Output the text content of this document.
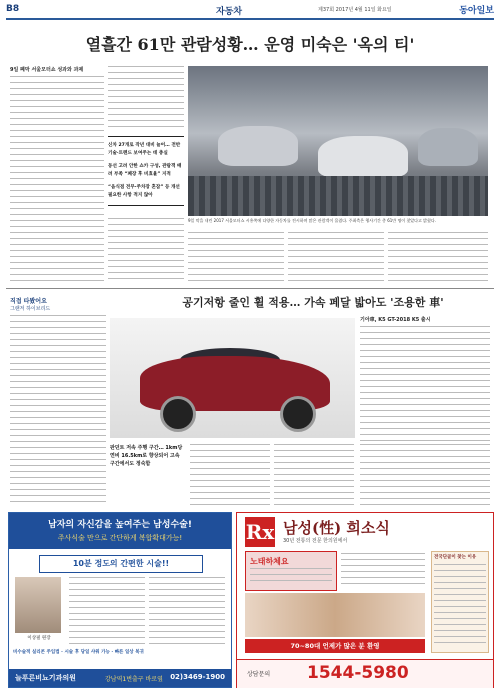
B8	자동차	제37회 2017년 4월 11일 화요일	동아일보
열흘간 61만 관람성황… 운영 미숙은 '옥의 티'
9일 폐막 서울모터쇼 성과와 과제

신차 27개로 작년 대비 늘어… 전반 기술·트렌드 보여주는 데 충실

동선 고려 안한 쇼카 구성, 관람객 배려 부족 “폐장 후 비효율” 지적

“음식점 전무·주차장 혼잡” 등 개선 필요한 사항 적지 않아

9일 막을 내린 2017 서울모터쇼 시흥쪽에 다양한 자동차를 전시하며 많은 관람객이 몰렸다. 주최측은 행사기간 총 61만 명이 찾았다고 밝혔다.
직접 타봤어요
그랜저 하이브리드	공기저항 줄인 휠 적용… 가속 페달 밟아도 '조용한 車'
기아車, K5 GT-2018 K5 출시
판던트 저속 주행 구간… 1km당 연비 16.5km로 향상되어 고속 구간에서도 정숙함
남자의 자신감을 높여주는 남성수술!
주사식술 만으로 간단하게 복합확대가능!
10분 정도의 간편한 시술!!
이상필 원장
비수술적 실리콘 주입법 · 시술 후 당일 샤워 가능 · 빠른 일상 복귀
늘푸른비뇨기과의원	강남역1번출구 바로옆 02)3469-1900
Rx 남성(性) 희소식
30년 전통의 전문 한의원에서
노태하체요	전국단골이 찾는 이유
70~80대 언제가 많은 분 환영
상담문의 1544-5980
